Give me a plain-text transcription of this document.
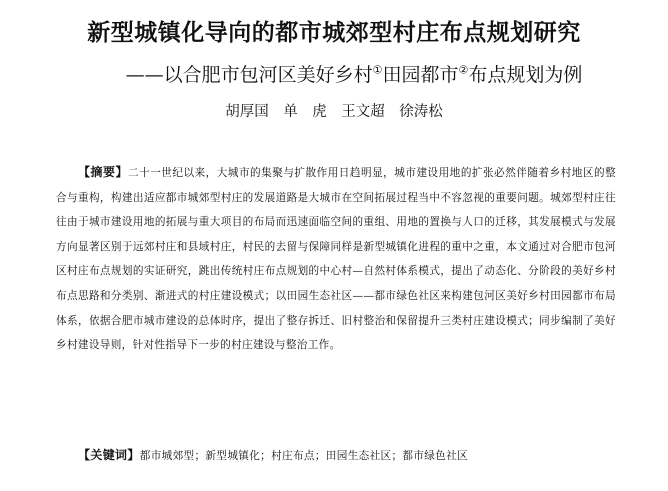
新型城镇化导向的都市城郊型村庄布点规划研究
——以合肥市包河区美好乡村①田园都市②布点规划为例
胡厚国　单　虎　王文超　徐涛松
【摘要】二十一世纪以来，大城市的集聚与扩散作用日趋明显，城市建设用地的扩张必然伴随着乡村地区的整合与重构，构建出适应都市城郊型村庄的发展道路是大城市在空间拓展过程当中不容忽视的重要问题。城郊型村庄往往由于城市建设用地的拓展与重大项目的布局而迅速面临空间的重组、用地的置换与人口的迁移，其发展模式与发展方向显著区别于远郊村庄和县域村庄，村民的去留与保障同样是新型城镇化进程的重中之重，本文通过对合肥市包河区村庄布点规划的实证研究，跳出传统村庄布点规划的中心村—自然村体系模式，提出了动态化、分阶段的美好乡村布点思路和分类别、渐进式的村庄建设模式；以田园生态社区——都市绿色社区来构建包河区美好乡村田园都市布局体系，依据合肥市城市建设的总体时序，提出了整存拆迁、旧村整治和保留提升三类村庄建设模式；同步编制了美好乡村建设导则，针对性指导下一步的村庄建设与整治工作。
【关键词】都市城郊型；新型城镇化；村庄布点；田园生态社区；都市绿色社区
